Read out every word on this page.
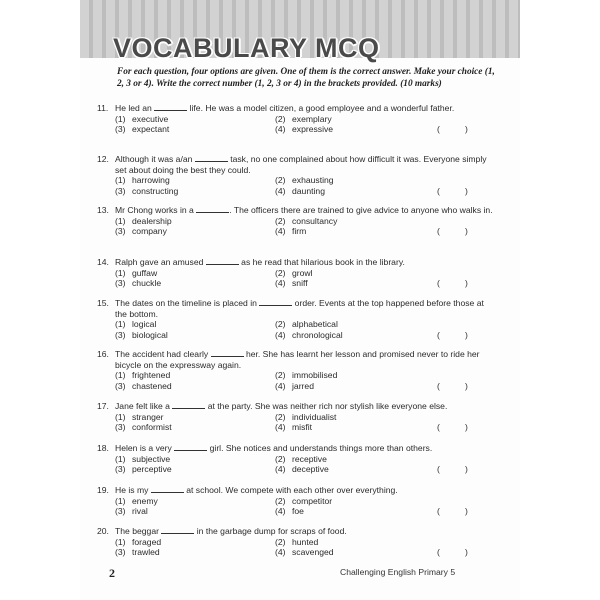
VOCABULARY MCQ
For each question, four options are given. One of them is the correct answer. Make your choice (1, 2, 3 or 4). Write the correct number (1, 2, 3 or 4) in the brackets provided. (10 marks)
11. He led an	life. He was a model citizen, a good employee and a wonderful father.
(1) executive	(2) exemplary
(3) expectant	(4) expressive	(	)
12. Although it was a/an	task, no one complained about how difficult it was. Everyone simply set about doing the best they could.
(1) harrowing	(2) exhausting
(3) constructing	(4) daunting	(	)
13. Mr Chong works in a	. The officers there are trained to give advice to anyone who walks in.
(1) dealership	(2) consultancy
(3) company	(4) firm	(	)
14. Ralph gave an amused	as he read that hilarious book in the library.
(1) guffaw	(2) growl
(3) chuckle	(4) sniff	(	)
15. The dates on the timeline is placed in	order. Events at the top happened before those at the bottom.
(1) logical	(2) alphabetical
(3) biological	(4) chronological	(	)
16. The accident had clearly	her. She has learnt her lesson and promised never to ride her bicycle on the expressway again.
(1) frightened	(2) immobilised
(3) chastened	(4) jarred	(	)
17. Jane felt like a	at the party. She was neither rich nor stylish like everyone else.
(1) stranger	(2) individualist
(3) conformist	(4) misfit	(	)
18. Helen is a very	girl. She notices and understands things more than others.
(1) subjective	(2) receptive
(3) perceptive	(4) deceptive	(	)
19. He is my	at school. We compete with each other over everything.
(1) enemy	(2) competitor
(3) rival	(4) foe	(	)
20. The beggar	in the garbage dump for scraps of food.
(1) foraged	(2) hunted
(3) trawled	(4) scavenged	(	)
2	Challenging English Primary 5
